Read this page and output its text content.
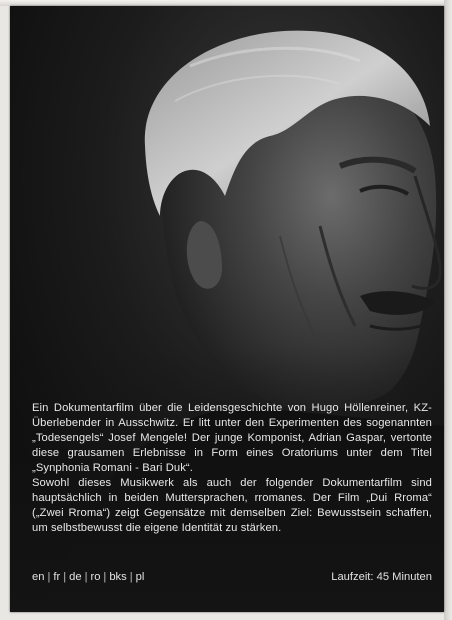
Ein Dokumentarfilm über die Leidensgeschichte von Hugo Höllenreiner, KZ-Überlebender in Ausschwitz. Er litt unter den Experimenten des sogenannten „Todesengels“ Josef Mengele! Der junge Komponist, Adrian Gaspar, vertonte diese grausamen Erlebnisse in Form eines Oratoriums unter dem Titel „Synphonia Romani - Bari Duk“.

Sowohl dieses Musikwerk als auch der folgender Dokumentarfilm sind hauptsächlich in beiden Muttersprachen, rromanes. Der Film „Dui Rroma“ („Zwei Rroma“) zeigt Gegensätze mit demselben Ziel: Bewusstsein schaffen, um selbstbewusst die eigene Identität zu stärken.

en | fr | de | ro | bks | pl	Laufzeit: 45 Minuten
